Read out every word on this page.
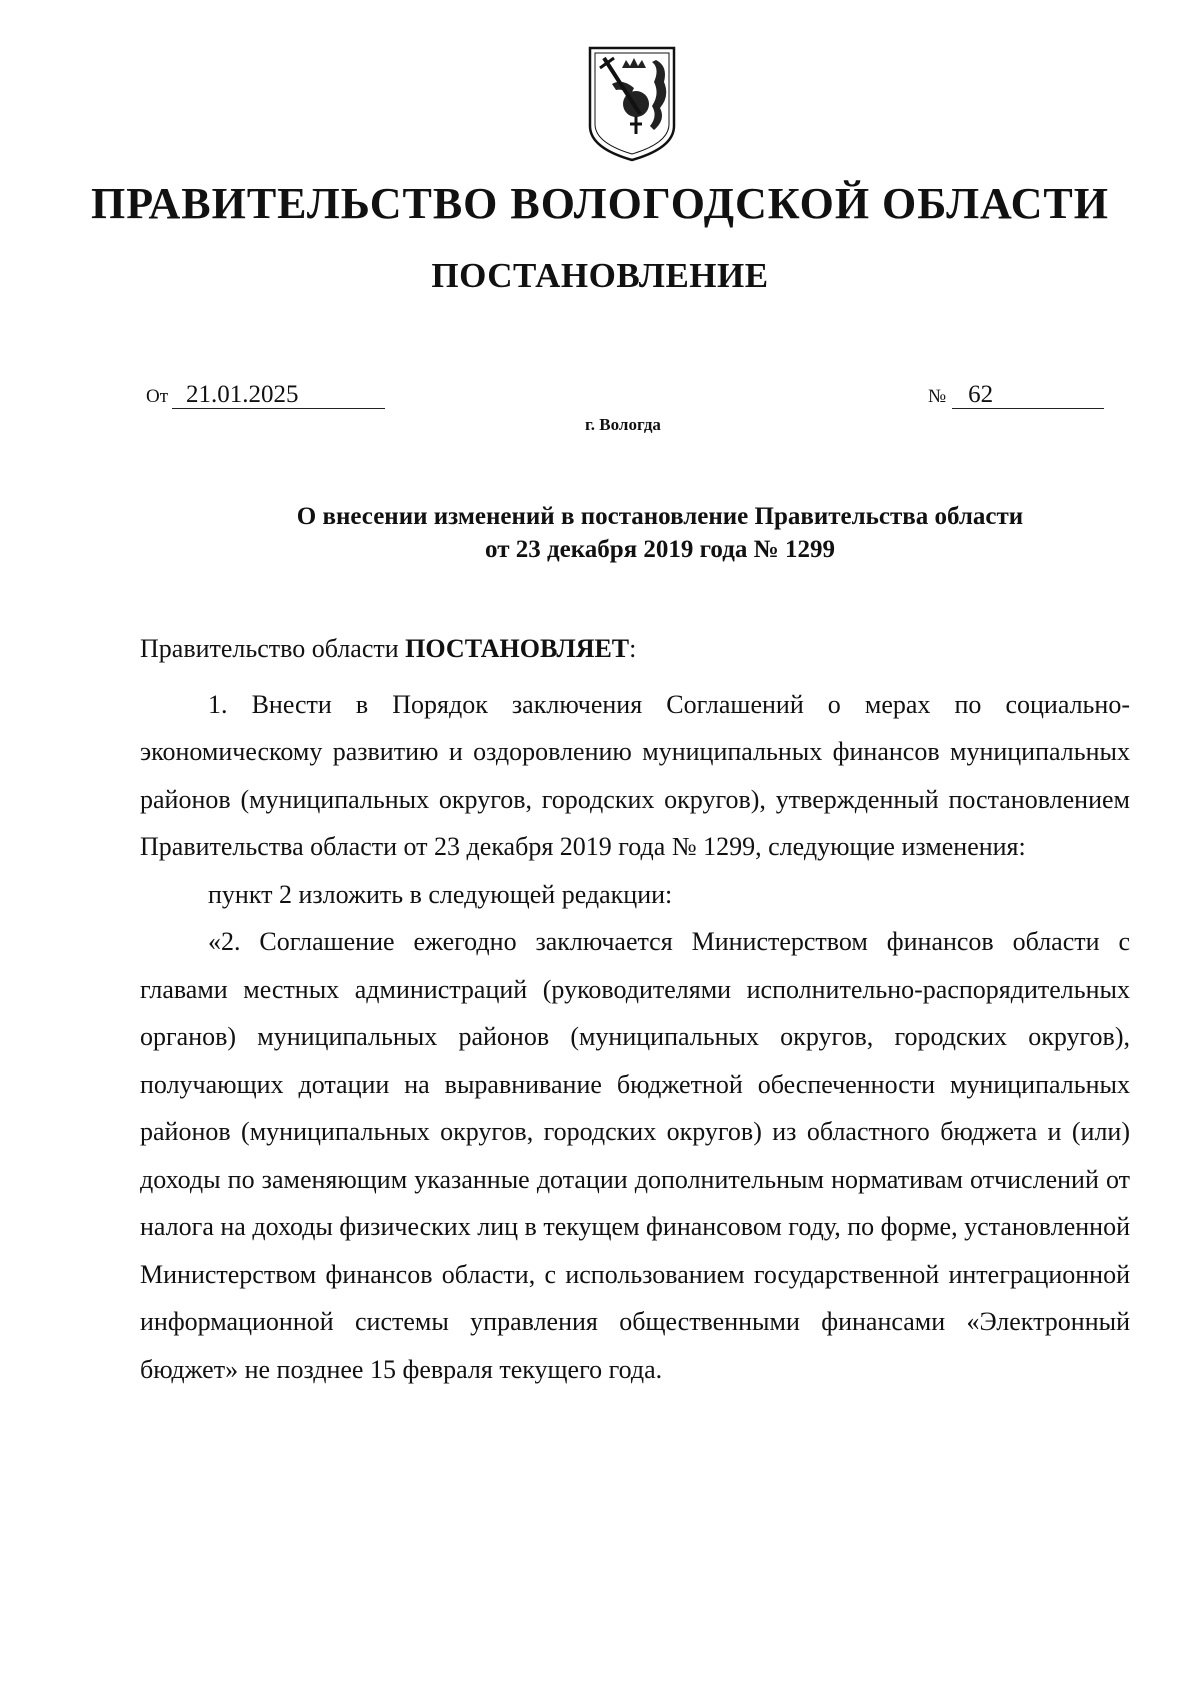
ПРАВИТЕЛЬСТВО ВОЛОГОДСКОЙ ОБЛАСТИ
ПОСТАНОВЛЕНИЕ
От 21.01.2025	№ 62
г. Вологда
О внесении изменений в постановление Правительства области
от 23 декабря 2019 года № 1299

Правительство области ПОСТАНОВЛЯЕТ:

1. Внести в Порядок заключения Соглашений о мерах по социально-экономическому развитию и оздоровлению муниципальных финансов муниципальных районов (муниципальных округов, городских округов), утвержденный постановлением Правительства области от 23 декабря 2019 года № 1299, следующие изменения:

пункт 2 изложить в следующей редакции:

«2. Соглашение ежегодно заключается Министерством финансов области с главами местных администраций (руководителями исполнительно-распорядительных органов) муниципальных районов (муниципальных округов, городских округов), получающих дотации на выравнивание бюджетной обеспеченности муниципальных районов (муниципальных округов, городских округов) из областного бюджета и (или) доходы по заменяющим указанные дотации дополнительным нормативам отчислений от налога на доходы физических лиц в текущем финансовом году, по форме, установленной Министерством финансов области, с использованием государственной интеграционной информационной системы управления общественными финансами «Электронный бюджет» не позднее 15 февраля текущего года.
